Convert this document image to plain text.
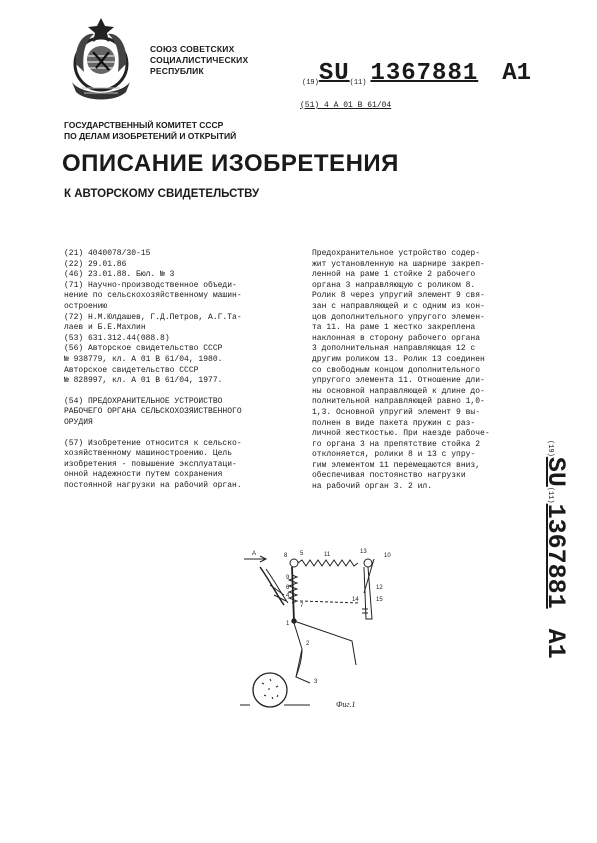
СОЮЗ СОВЕТСКИХ
СОЦИАЛИСТИЧЕСКИХ
РЕСПУБЛИК
(19)SU(11) 1367881 A1
(51) 4 А 01 В 61/04
ГОСУДАРСТВЕННЫЙ КОМИТЕТ СССР
ПО ДЕЛАМ ИЗОБРЕТЕНИЙ И ОТКРЫТИЙ
ОПИСАНИЕ ИЗОБРЕТЕНИЯ
К АВТОРСКОМУ СВИДЕТЕЛЬСТВУ
(21) 4040078/30-15
(22) 29.01.86
(46) 23.01.88. Бюл. № 3
(71) Научно-производственное объеди-
нение по сельскохозяйственному машин-
остроению
(72) Н.М.Юлдашев, Г.Д.Петров, А.Г.Та-
лаев и Б.Е.Махлин
(53) 631.312.44(088.8)
(56) Авторское свидетельство СССР
№ 938779, кл. А 01 В 61/04, 1980.
Авторское свидетельство СССР
№ 828997, кл. А 01 В 61/04, 1977.
(54) ПРЕДОХРАНИТЕЛЬНОЕ УСТРОЙСТВО
РАБОЧЕГО ОРГАНА СЕЛЬСКОХОЗЯЙСТВЕННОГО
ОРУДИЯ
(57) Изобретение относится к сельско-
хозяйственному машиностроению. Цель
изобретения - повышение эксплуатаци-
онной надежности путем сохранения
постоянной нагрузки на рабочий орган.
Предохранительное устройство содер-
жит установленную на шарнире закреп-
ленной на раме 1 стойке 2 рабочего
органа 3 направляющую с роликом 8.
Ролик 8 через упругий элемент 9 свя-
зан с направляющей и с одним из кон-
цов дополнительного упругого элемен-
та 11. На раме 1 жестко закреплена
наклонная в сторону рабочего органа
3 дополнительная направляющая 12 с
другим роликом 13. Ролик 13 соединен
со свободным концом дополнительного
упругого элемента 11. Отношение дли-
ны основной направляющей к длине до-
полнительной направляющей равно 1,0-
1,3. Основной упругий элемент 9 вы-
полнен в виде пакета пружин с раз-
личной жесткостью. При наезде рабоче-
го органа 3 на препятствие стойка 2
отклоняется, ролики 8 и 13 с упру-
гим элементом 11 перемещаются вниз,
обеспечивая постоянство нагрузки
на рабочий орган 3. 2 ил.
(19)SU(11)1367881A1
A	8 5	11	13
10
9
6
4
7
12
15
14
1
2
3
Фиг.1
